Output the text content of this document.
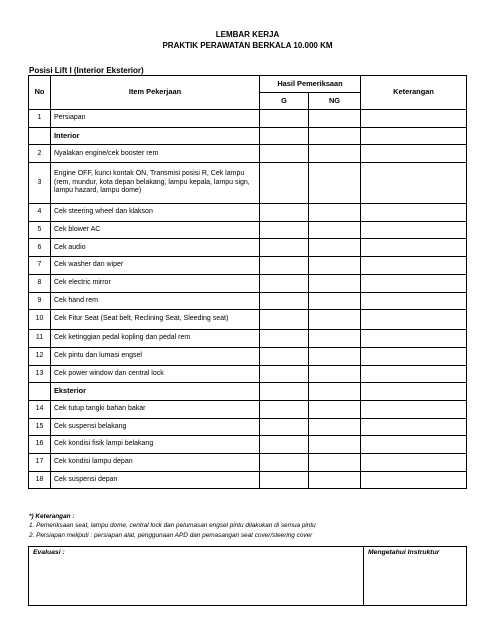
LEMBAR KERJA
PRAKTIK PERAWATAN BERKALA 10.000 KM
Posisi Lift I (Interior Eksterior)
No	Item Pekerjaan	Hasil Pemeriksaan		Keterangan
		G	NG	
1	Persiapan			
	Interior			
2	Nyalakan engine/cek booster rem			
3	Engine OFF, kunci kontak ON, Transmisi posisi R, Cek lampu (rem, mundur, kota depan belakang, lampu kepala, lampu sign, lampu hazard, lampu dome)			
4	Cek steering wheel dan klakson			
5	Cek blower AC			
6	Cek audio			
7	Cek washer dan wiper			
8	Cek electric mirror			
9	Cek hand rem			
10	Cek Fitur Seat (Seat belt, Reclining Seat, Sleeding seat)			
11	Cek ketinggian pedal kopling dan pedal rem			
12	Cek pintu dan lumasi engsel			
13	Cek power window dan central lock			
	Eksterior			
14	Cek tutup tangki bahan bakar			
15	Cek suspensi belakang			
16	Cek kondisi fisik lampi belakang			
17	Cek kondisi lampu depan			
18	Cek suspensi depan			
*) Keterangan :
1. Pemeriksaan seat, lampu dome, central lock dan pelumasan engsel pintu dilakukan di semua pintu
2. Persiapan meliputi : persiapan alat, penggunaan APD dan pemasangan seat cover/steering cover
Evaluasi :	Mengetahui Instruktur
